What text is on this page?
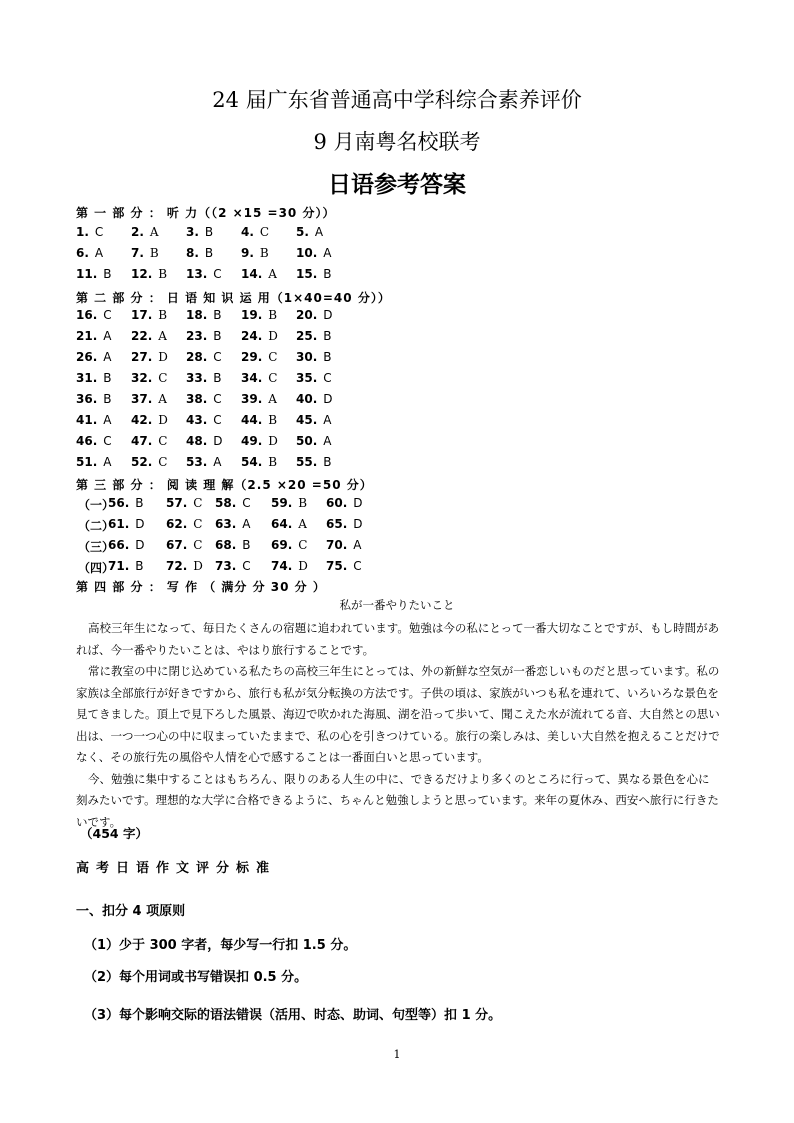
24 届广东省普通高中学科综合素养评价
9 月南粤名校联考
日语参考答案
第 一 部 分 ： 听 力（（2 ×15 =30 分））
1. C 2. A 3. B 4. C 5. A
6. A 7. B 8. B 9. B 10. A
11. B 12. B 13. C 14. A 15. B
第 二 部 分 ： 日 语 知 识 运 用（1×40=40 分））
16. C 17. B 18. B 19. B 20. D
21. A 22. A 23. B 24. D 25. B
26. A 27. D 28. C 29. C 30. B
31. B 32. C 33. B 34. C 35. C
36. B 37. A 38. C 39. A 40. D
41. A 42. D 43. C 44. B 45. A
46. C 47. C 48. D 49. D 50. A
51. A 52. C 53. A 54. B 55. B
第 三 部 分 ： 阅 读 理 解（2.5 ×20 =50 分）
（一）
56. B 57. C 58. C 59. B 60. D
（二）
61. D 62. C 63. A 64. A 65. D
（三）
66. D 67. C 68. B 69. C 70. A
（四）
71. B 72. D 73. C 74. D 75. C
第 四 部 分 ： 写 作 （ 满分 分 30 分 ）
私が一番やりたいこと

高校三年生になって、毎日たくさんの宿題に追われています。勉強は今の私にとって一番大切なことですが、もし時間があれば、今一番やりたいことは、やはり旅行することです。

常に教室の中に閉じ込めている私たちの高校三年生にとっては、外の新鮮な空気が一番恋しいものだと思っています。私の家族は全部旅行が好きですから、旅行も私が気分転換の方法です。子供の頃は、家族がいつも私を連れて、いろいろな景色を見てきました。頂上で見下ろした風景、海辺で吹かれた海風、湖を沿って歩いて、聞こえた水が流れてる音、大自然との思い出は、一つ一つ心の中に収まっていたままで、私の心を引きつけている。旅行の楽しみは、美しい大自然を抱えることだけでなく、その旅行先の風俗や人情を心で感することは一番面白いと思っています。

今、勉強に集中することはもちろん、限りのある人生の中に、できるだけより多くのところに行って、異なる景色を心に刻みたいです。理想的な大学に合格できるように、ちゃんと勉強しようと思っています。来年の夏休み、西安へ旅行に行きたいです。

（454 字）
高考日语作文评分标准
一、扣分 4 项原则
（1）少于 300 字者，每少写一行扣 1.5 分。
（2）每个用词或书写错误扣 0.5 分。
（3）每个影响交际的语法错误（活用、时态、助词、句型等）扣 1 分。
1
